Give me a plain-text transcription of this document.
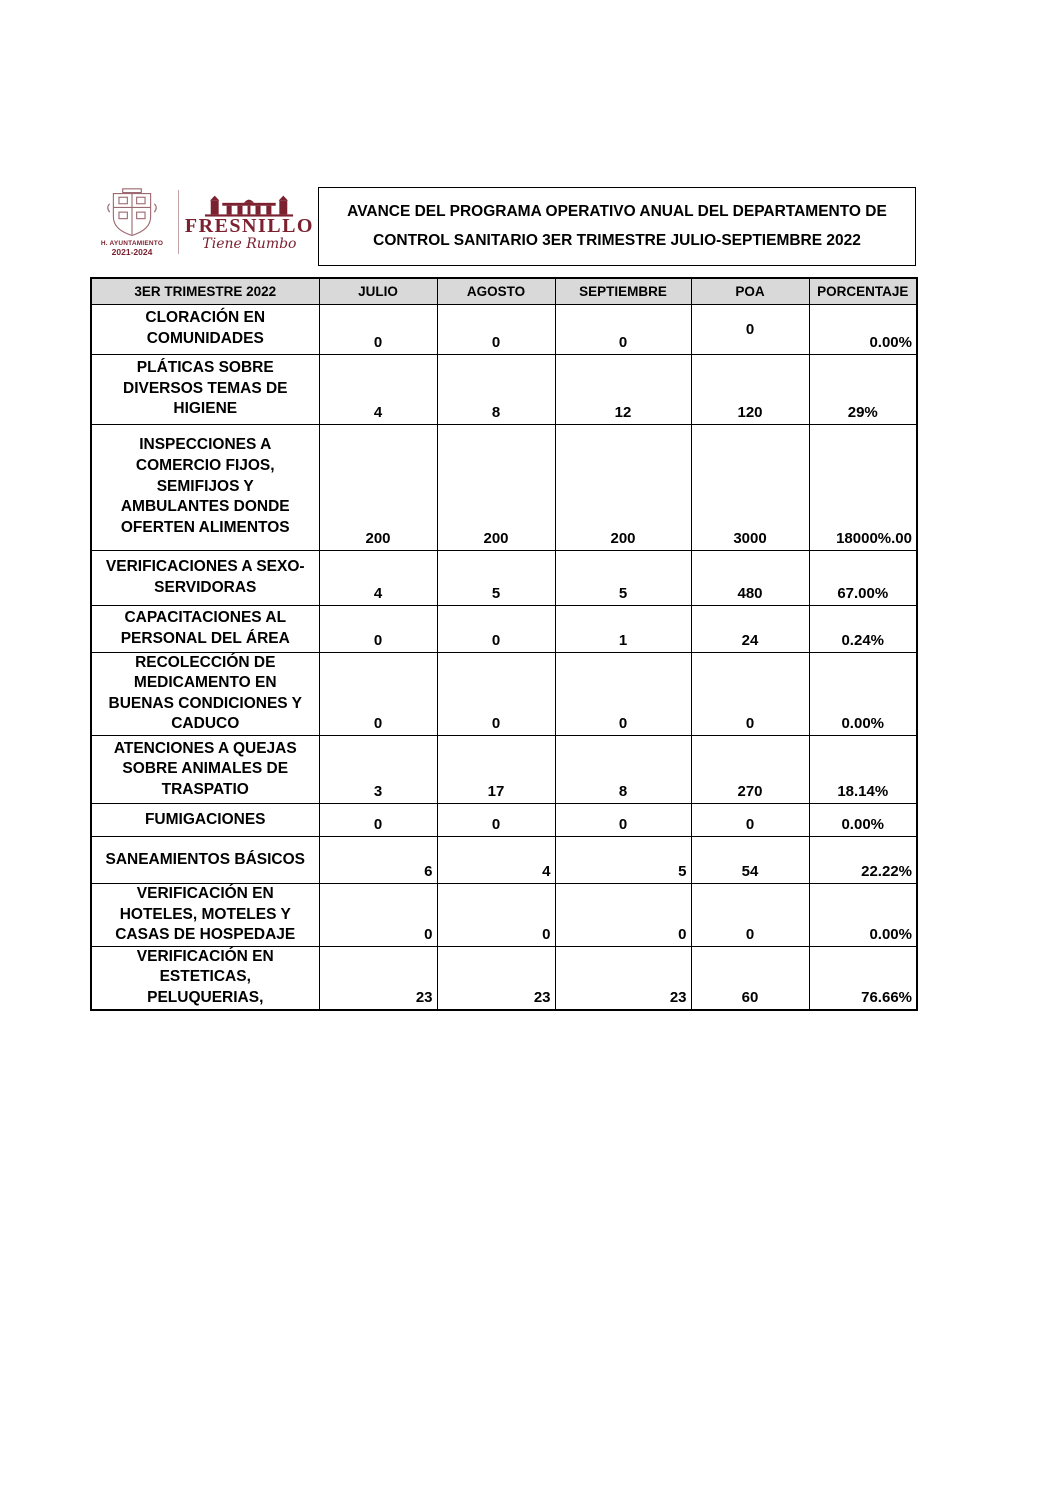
H. AYUNTAMIENTO
2021-2024
FRESNILLO
Tiene Rumbo
AVANCE DEL PROGRAMA OPERATIVO ANUAL DEL DEPARTAMENTO DE
CONTROL SANITARIO 3ER TRIMESTRE JULIO-SEPTIEMBRE 2022
3ER TRIMESTRE 2022	JULIO	AGOSTO	SEPTIEMBRE	POA	PORCENTAJE
CLORACIÓN EN COMUNIDADES	0	0	0	0	0.00%
PLÁTICAS SOBRE DIVERSOS TEMAS DE HIGIENE	4	8	12	120	29%
INSPECCIONES A COMERCIO FIJOS, SEMIFIJOS Y AMBULANTES DONDE OFERTEN ALIMENTOS	200	200	200	3000	18000%.00
VERIFICACIONES A SEXO-SERVIDORAS	4	5	5	480	67.00%
CAPACITACIONES AL PERSONAL DEL ÁREA	0	0	1	24	0.24%
RECOLECCIÓN DE MEDICAMENTO EN BUENAS CONDICIONES Y CADUCO	0	0	0	0	0.00%
ATENCIONES A QUEJAS SOBRE ANIMALES DE TRASPATIO	3	17	8	270	18.14%
FUMIGACIONES	0	0	0	0	0.00%
SANEAMIENTOS BÁSICOS	6	4	5	54	22.22%
VERIFICACIÓN EN HOTELES, MOTELES Y CASAS DE HOSPEDAJE	0	0	0	0	0.00%
VERIFICACIÓN EN ESTETICAS, PELUQUERIAS,	23	23	23	60	76.66%
